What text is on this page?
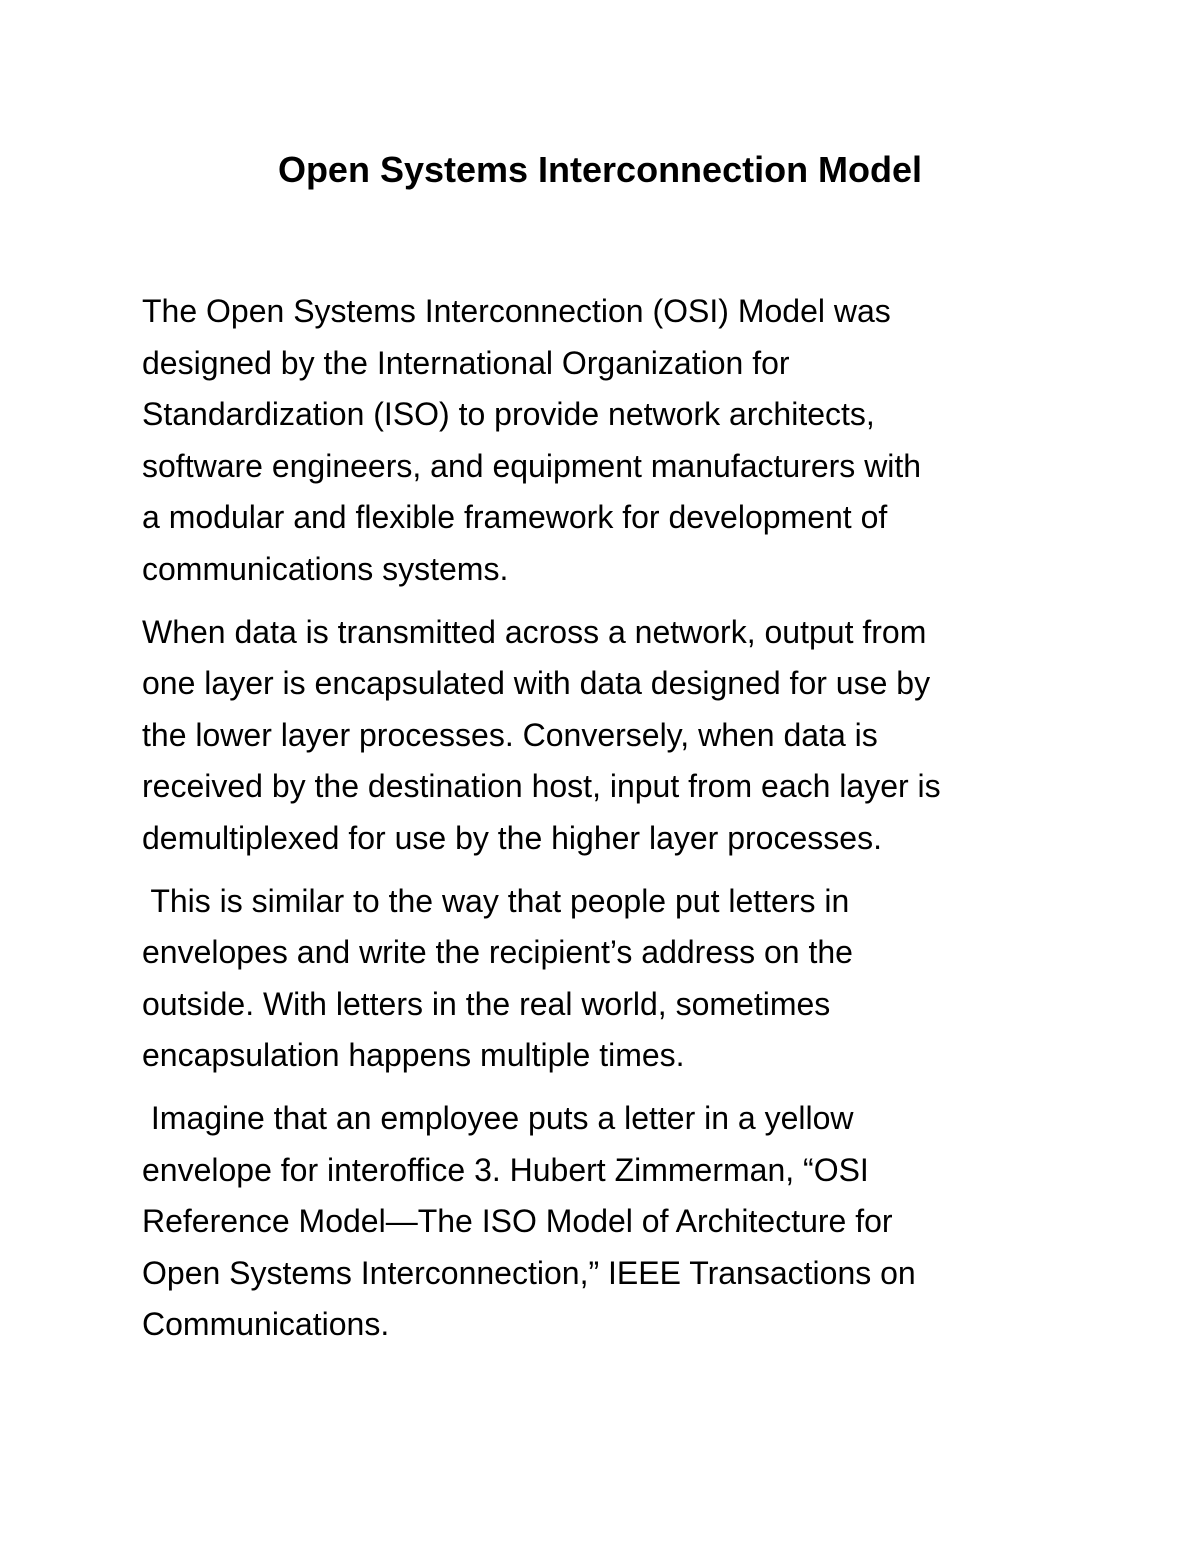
Open Systems Interconnection Model

The Open Systems Interconnection (OSI) Model was
designed by the International Organization for
Standardization (ISO) to provide network architects,
software engineers, and equipment manufacturers with
a modular and flexible framework for development of
communications systems.

When data is transmitted across a network, output from
one layer is encapsulated with data designed for use by
the lower layer processes. Conversely, when data is
received by the destination host, input from each layer is
demultiplexed for use by the higher layer processes.

This is similar to the way that people put letters in
envelopes and write the recipient’s address on the
outside. With letters in the real world, sometimes
encapsulation happens multiple times.

Imagine that an employee puts a letter in a yellow
envelope for interoffice 3. Hubert Zimmerman, “OSI
Reference Model—The ISO Model of Architecture for
Open Systems Interconnection,” IEEE Transactions on
Communications.
